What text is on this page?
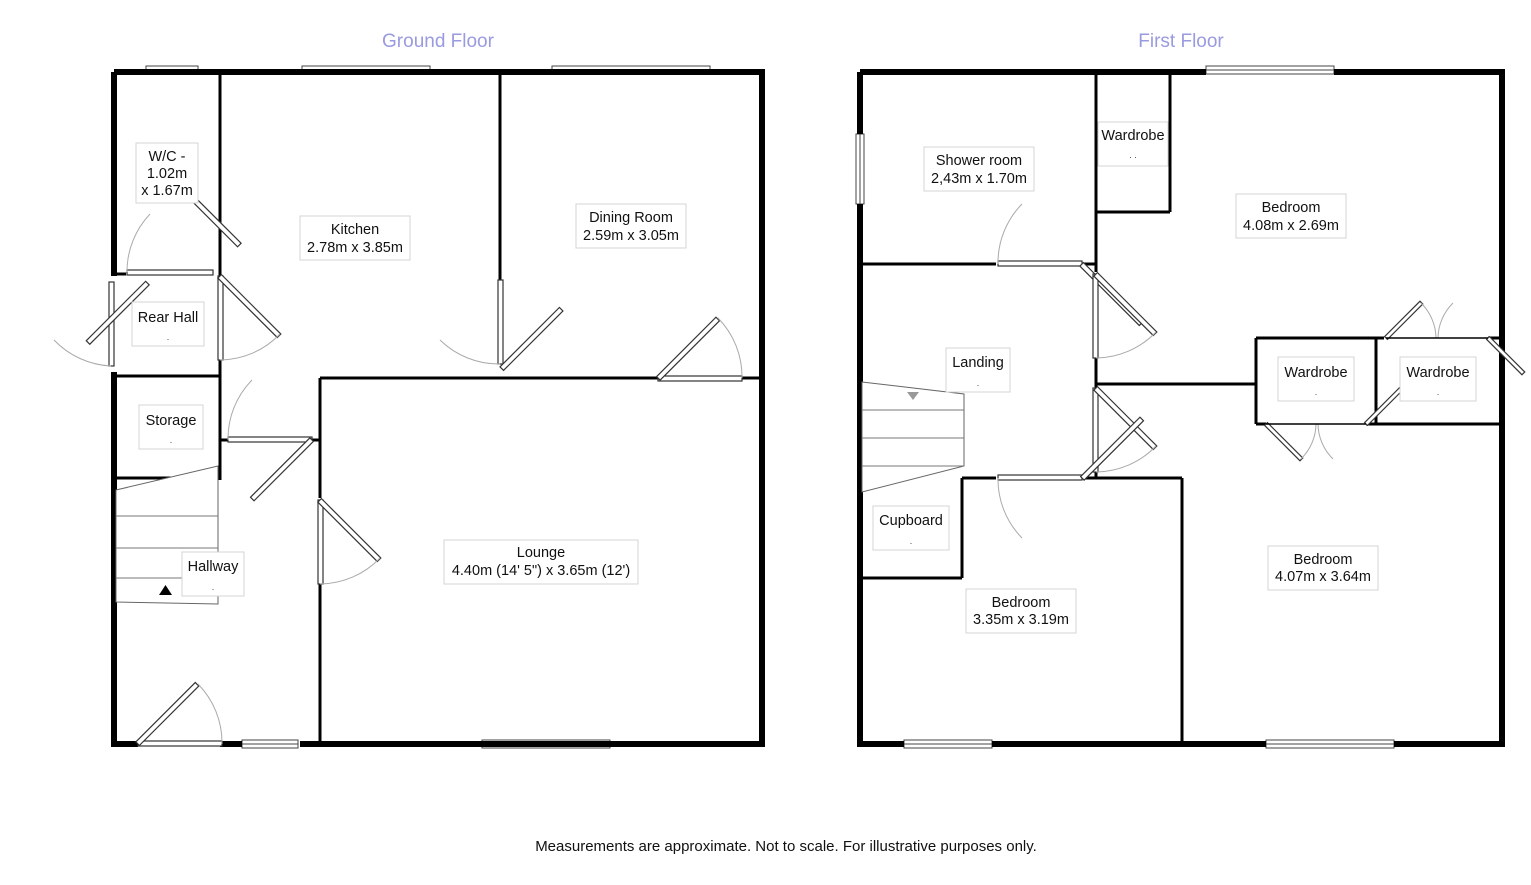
Ground Floor
W/C -
1.02m
x 1.67m
Kitchen
2.78m x 3.85m
Dining Room
2.59m x 3.05m
Rear Hall
.
Storage
.
Hallway
.
Lounge
4.40m (14' 5") x 3.65m (12')
First Floor
Shower room
2,43m x 1.70m
Wardrobe
. .
Bedroom
4.08m x 2.69m
Landing
.
Wardrobe
.
Wardrobe
.
Cupboard
.
Bedroom
3.35m x 3.19m
Bedroom
4.07m x 3.64m
Measurements are approximate. Not to scale. For illustrative purposes only.
